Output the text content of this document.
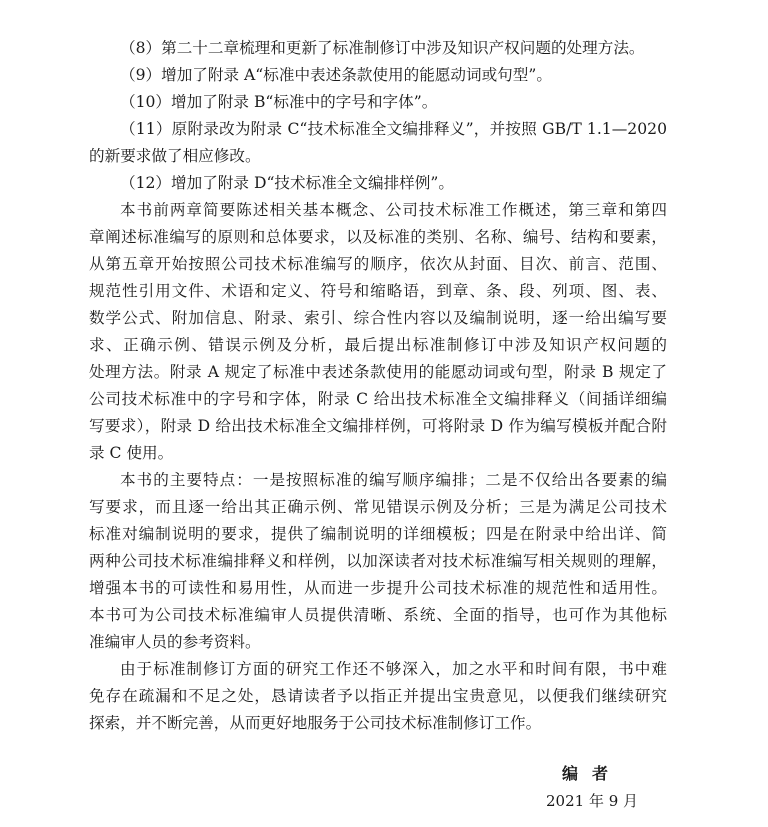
（8）第二十二章梳理和更新了标准制修订中涉及知识产权问题的处理方法。
（9）增加了附录 A“标准中表述条款使用的能愿动词或句型”。
（10）增加了附录 B“标准中的字号和字体”。
（11）原附录改为附录 C“技术标准全文编排释义”，并按照 GB/T 1.1—2020
的新要求做了相应修改。
（12）增加了附录 D“技术标准全文编排样例”。
本书前两章简要陈述相关基本概念、公司技术标准工作概述，第三章和第四
章阐述标准编写的原则和总体要求，以及标准的类别、名称、编号、结构和要素，
从第五章开始按照公司技术标准编写的顺序，依次从封面、目次、前言、范围、
规范性引用文件、术语和定义、符号和缩略语，到章、条、段、列项、图、表、
数学公式、附加信息、附录、索引、综合性内容以及编制说明，逐一给出编写要
求、正确示例、错误示例及分析，最后提出标准制修订中涉及知识产权问题的
处理方法。附录 A 规定了标准中表述条款使用的能愿动词或句型，附录 B 规定了
公司技术标准中的字号和字体，附录 C 给出技术标准全文编排释义（间插详细编
写要求），附录 D 给出技术标准全文编排样例，可将附录 D 作为编写模板并配合附
录 C 使用。
本书的主要特点：一是按照标准的编写顺序编排；二是不仅给出各要素的编
写要求，而且逐一给出其正确示例、常见错误示例及分析；三是为满足公司技术
标准对编制说明的要求，提供了编制说明的详细模板；四是在附录中给出详、简
两种公司技术标准编排释义和样例，以加深读者对技术标准编写相关规则的理解，
增强本书的可读性和易用性，从而进一步提升公司技术标准的规范性和适用性。
本书可为公司技术标准编审人员提供清晰、系统、全面的指导，也可作为其他标
准编审人员的参考资料。
由于标准制修订方面的研究工作还不够深入，加之水平和时间有限，书中难
免存在疏漏和不足之处，恳请读者予以指正并提出宝贵意见，以便我们继续研究
探索，并不断完善，从而更好地服务于公司技术标准制修订工作。
编者
2021 年 9 月
